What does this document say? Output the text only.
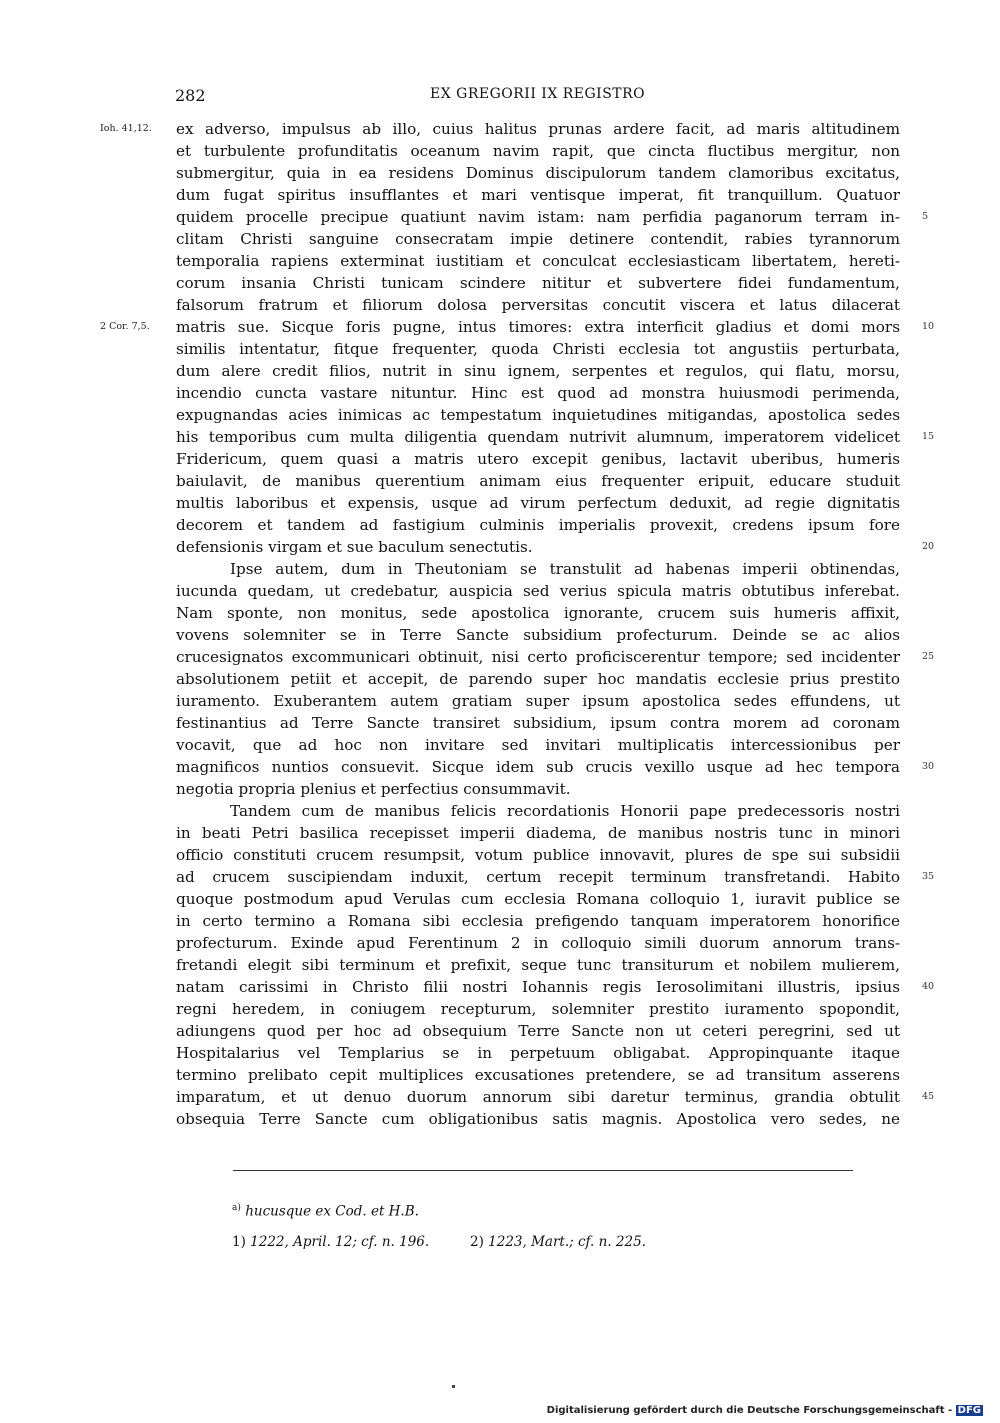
282	EX GREGORII IX REGISTRO
Ioh. 41,12.
2 Cor. 7,5.
5
10
15
20
25
30
35
40
45
ex adverso, impulsus ab illo, cuius halitus prunas ardere facit, ad maris altitudinem
et turbulente profunditatis oceanum navim rapit, que cincta fluctibus mergitur, non
submergitur, quia in ea residens Dominus discipulorum tandem clamoribus excitatus,
dum fugat spiritus insufflantes et mari ventisque imperat, fit tranquillum. Quatuor
quidem procelle precipue quatiunt navim istam: nam perfidia paganorum terram in-
clitam Christi sanguine consecratam impie detinere contendit, rabies tyrannorum
temporalia rapiens exterminat iustitiam et conculcat ecclesiasticam libertatem, hereti-
corum insania Christi tunicam scindere nititur et subvertere fidei fundamentum,
falsorum fratrum et filiorum dolosa perversitas concutit viscera et latus dilacerat
matris sue. Sicque foris pugne, intus timores: extra interficit gladius et domi mors
similis intentatur, fitque frequenter, quoda Christi ecclesia tot angustiis perturbata,
dum alere credit filios, nutrit in sinu ignem, serpentes et regulos, qui flatu, morsu,
incendio cuncta vastare nituntur. Hinc est quod ad monstra huiusmodi perimenda,
expugnandas acies inimicas ac tempestatum inquietudines mitigandas, apostolica sedes
his temporibus cum multa diligentia quendam nutrivit alumnum, imperatorem videlicet
Fridericum, quem quasi a matris utero excepit genibus, lactavit uberibus, humeris
baiulavit, de manibus querentium animam eius frequenter eripuit, educare studuit
multis laboribus et expensis, usque ad virum perfectum deduxit, ad regie dignitatis
decorem et tandem ad fastigium culminis imperialis provexit, credens ipsum fore
defensionis virgam et sue baculum senectutis.
Ipse autem, dum in Theutoniam se transtulit ad habenas imperii obtinendas,
iucunda quedam, ut credebatur, auspicia sed verius spicula matris obtutibus inferebat.
Nam sponte, non monitus, sede apostolica ignorante, crucem suis humeris affixit,
vovens solemniter se in Terre Sancte subsidium profecturum. Deinde se ac alios
crucesignatos excommunicari obtinuit, nisi certo proficiscerentur tempore; sed incidenter
absolutionem petiit et accepit, de parendo super hoc mandatis ecclesie prius prestito
iuramento. Exuberantem autem gratiam super ipsum apostolica sedes effundens, ut
festinantius ad Terre Sancte transiret subsidium, ipsum contra morem ad coronam
vocavit, que ad hoc non invitare sed invitari multiplicatis intercessionibus per
magnificos nuntios consuevit. Sicque idem sub crucis vexillo usque ad hec tempora
negotia propria plenius et perfectius consummavit.
Tandem cum de manibus felicis recordationis Honorii pape predecessoris nostri
in beati Petri basilica recepisset imperii diadema, de manibus nostris tunc in minori
officio constituti crucem resumpsit, votum publice innovavit, plures de spe sui subsidii
ad crucem suscipiendam induxit, certum recepit terminum transfretandi. Habito
quoque postmodum apud Verulas cum ecclesia Romana colloquio 1, iuravit publice se
in certo termino a Romana sibi ecclesia prefigendo tanquam imperatorem honorifice
profecturum. Exinde apud Ferentinum 2 in colloquio simili duorum annorum trans-
fretandi elegit sibi terminum et prefixit, seque tunc transiturum et nobilem mulierem,
natam carissimi in Christo filii nostri Iohannis regis Ierosolimitani illustris, ipsius
regni heredem, in coniugem recepturum, solemniter prestito iuramento spopondit,
adiungens quod per hoc ad obsequium Terre Sancte non ut ceteri peregrini, sed ut
Hospitalarius vel Templarius se in perpetuum obligabat. Appropinquante itaque
termino prelibato cepit multiplices excusationes pretendere, se ad transitum asserens
imparatum, et ut denuo duorum annorum sibi daretur terminus, grandia obtulit
obsequia Terre Sancte cum obligationibus satis magnis. Apostolica vero sedes, ne
$^{a)}$ hucusque ex Cod. et H.B.
1) 1222, April. 12; cf. n. 196.	2) 1223, Mart.; cf. n. 225.
Digitalisierung gefördert durch die Deutsche Forschungsgemeinschaft - DFG
